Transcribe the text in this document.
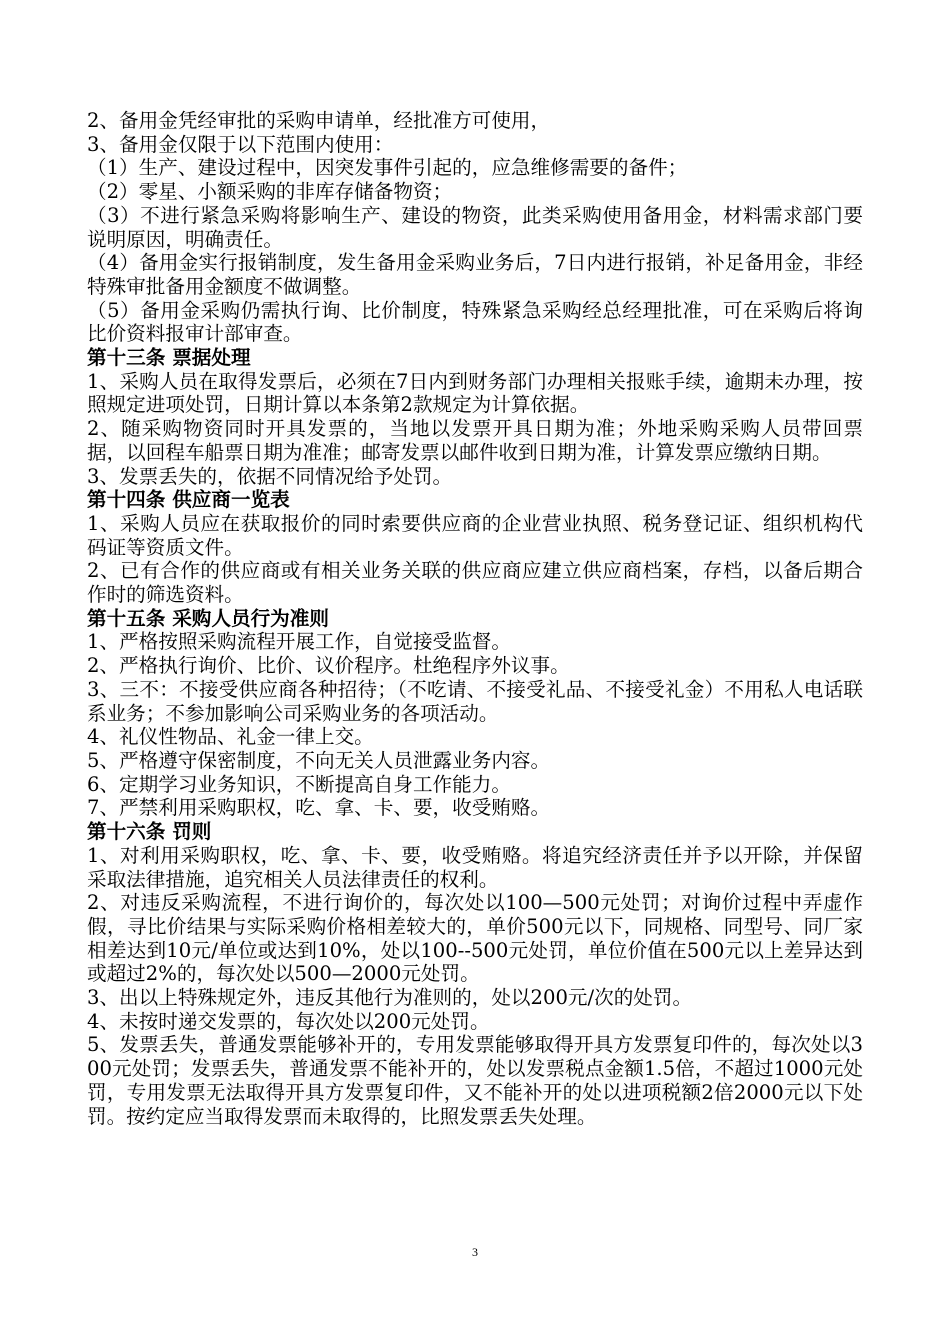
2、备用金凭经审批的采购申请单，经批准方可使用，

3、备用金仅限于以下范围内使用：

（1）生产、建设过程中，因突发事件引起的，应急维修需要的备件；

（2）零星、小额采购的非库存储备物资；

（3）不进行紧急采购将影响生产、建设的物资，此类采购使用备用金，材料需求部门要说明原因，明确责任。

（4）备用金实行报销制度，发生备用金采购业务后，7日内进行报销，补足备用金，非经特殊审批备用金额度不做调整。

（5）备用金采购仍需执行询、比价制度，特殊紧急采购经总经理批准，可在采购后将询比价资料报审计部审查。

第十三条 票据处理

1、采购人员在取得发票后，必须在7日内到财务部门办理相关报账手续，逾期未办理，按照规定进项处罚，日期计算以本条第2款规定为计算依据。

2、随采购物资同时开具发票的，当地以发票开具日期为准；外地采购采购人员带回票据，以回程车船票日期为准准；邮寄发票以邮件收到日期为准，计算发票应缴纳日期。

3、发票丢失的，依据不同情况给予处罚。

第十四条 供应商一览表

1、采购人员应在获取报价的同时索要供应商的企业营业执照、税务登记证、组织机构代码证等资质文件。

2、已有合作的供应商或有相关业务关联的供应商应建立供应商档案，存档，以备后期合作时的筛选资料。

第十五条 采购人员行为准则

1、严格按照采购流程开展工作，自觉接受监督。

2、严格执行询价、比价、议价程序。杜绝程序外议事。

3、三不：不接受供应商各种招待；（不吃请、不接受礼品、不接受礼金）不用私人电话联系业务；不参加影响公司采购业务的各项活动。

4、礼仪性物品、礼金一律上交。

5、严格遵守保密制度，不向无关人员泄露业务内容。

6、定期学习业务知识，不断提高自身工作能力。

7、严禁利用采购职权，吃、拿、卡、要，收受贿赂。

第十六条 罚则

1、对利用采购职权，吃、拿、卡、要，收受贿赂。将追究经济责任并予以开除，并保留采取法律措施，追究相关人员法律责任的权利。

2、对违反采购流程，不进行询价的，每次处以100—500元处罚；对询价过程中弄虚作假，寻比价结果与实际采购价格相差较大的，单价500元以下，同规格、同型号、同厂家相差达到10元/单位或达到10%，处以100--500元处罚，单位价值在500元以上差异达到或超过2%的，每次处以500—2000元处罚。

3、出以上特殊规定外，违反其他行为准则的，处以200元/次的处罚。

4、未按时递交发票的，每次处以200元处罚。

5、发票丢失，普通发票能够补开的，专用发票能够取得开具方发票复印件的，每次处以300元处罚；发票丢失，普通发票不能补开的，处以发票税点金额1.5倍，不超过1000元处罚，专用发票无法取得开具方发票复印件，又不能补开的处以进项税额2倍2000元以下处罚。按约定应当取得发票而未取得的，比照发票丢失处理。

3
